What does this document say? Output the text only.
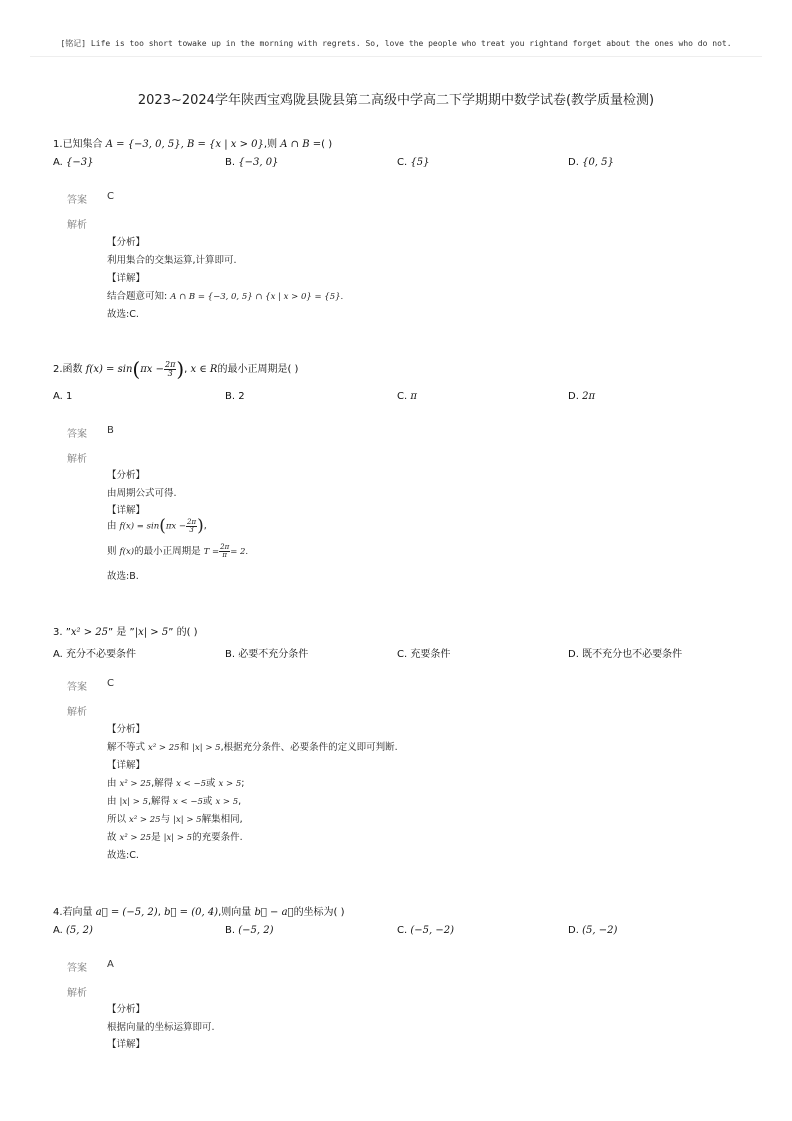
[铭记] Life is too short towake up in the morning with regrets. So, love the people who treat you rightand forget about the ones who do not.
2023~2024学年陕西宝鸡陇县陇县第二高级中学高二下学期期中数学试卷(教学质量检测)
1.已知集合 A = {−3, 0, 5}, B = {x | x > 0},则 A ∩ B =( )
A. {−3}	B. {−3, 0}	C. {5}	D. {0, 5}
答案 C
解析
【分析】
利用集合的交集运算,计算即可.
【详解】
结合题意可知: A ∩ B = {−3, 0, 5} ∩ {x | x > 0} = {5}.
故选:C.
2.函数 $f(x) = \sin(\pi x - \frac{2\pi}{3}$ ), x ∈ R的最小正周期是( )
A. 1	B. 2	C. π	D. 2π
答案 B
解析
【分析】
由周期公式可得.
【详解】
由 $f(x) = \sin(\pi x - \frac{2\pi}{3}$ ),
则 f(x)的最小正周期是 $T = \frac{2\pi}{\pi} = 2$.
故选:B.
3. ”x² > 25” 是 ”|x| > 5” 的( )
A. 充分不必要条件	B. 必要不充分条件	C. 充要条件	D. 既不充分也不必要条件
答案 C
解析
【分析】
解不等式 x² > 25和 |x| > 5,根据充分条件、必要条件的定义即可判断.
【详解】
由 x² > 25,解得 x < −5或 x > 5;
由 |x| > 5,解得 x < −5或 x > 5,
所以 x² > 25与 |x| > 5解集相同,
故 x² > 25是 |x| > 5的充要条件.
故选:C.
4.若向量 a⃗ = (−5, 2), b⃗ = (0, 4),则向量 b⃗ − a⃗的坐标为( )
A. (5, 2)	B. (−5, 2)	C. (−5, −2)	D. (5, −2)
答案 A
解析
【分析】
根据向量的坐标运算即可.
【详解】
